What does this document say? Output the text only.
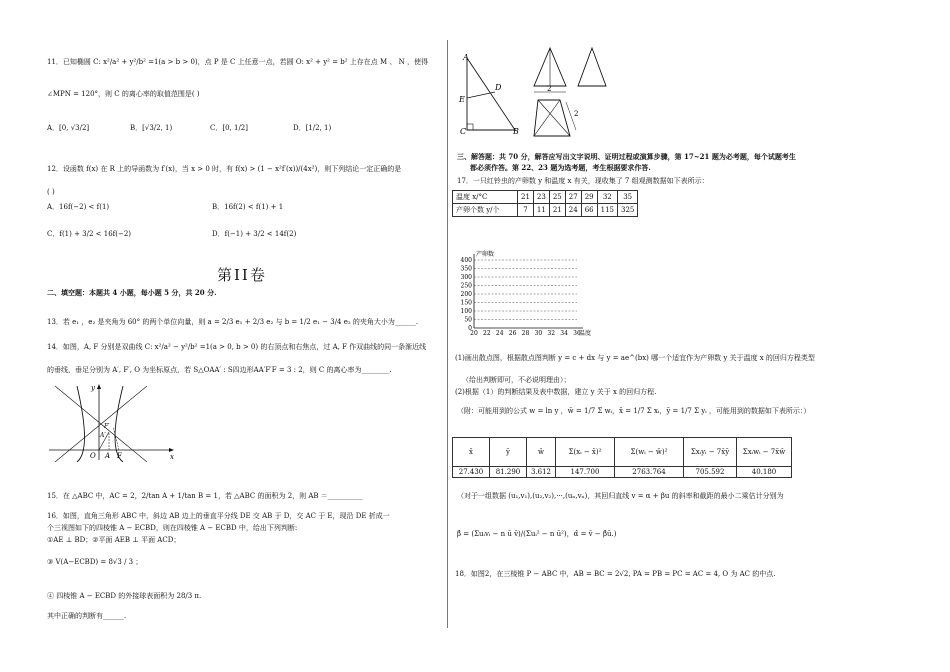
11．已知椭圆 C: x²/a² + y²/b² =1(a > b > 0)，点 P 是 C 上任意一点，若圆 O: x² + y² = b² 上存在点 M 、 N ，使得
∠MPN = 120°，则 C 的离心率的取值范围是( )
A．[0, √3/2]	B．[√3/2, 1)	C．[0, 1/2]	D．[1/2, 1)
12．设函数 f(x) 在 R 上的导函数为 f′(x)，当 x > 0 时，有 f(x) > (1 − x²f′(x))/(4x²)，则下列结论一定正确的是
( )
A．16f(−2) < f(1)	B．16f(2) < f(1) + 1
C．f(1) + 3/2 < 16f(−2)	D．f(−1) + 3/2 < 14f(2)
第II卷
二、填空题：本题共 4 小题，每小题 5 分，共 20 分.
13．若 e₁ ，e₂ 是夹角为 60° 的两个单位向量，则 a = 2/3 e₁ + 2/3 e₂ 与 b = 1/2 e₁ − 3/4 e₂ 的夹角大小为______.
14．如图，A, F 分别是双曲线 C: x²/a² − y²/b² =1(a > 0, b > 0) 的右顶点和右焦点，过 A, F 作双曲线的同一条渐近线
的垂线，垂足分别为 A′, F′, O 为坐标原点，若 S△OAA′ : S四边形AA′F′F = 3 : 2，则 C 的离心率为________.
y
x
O A F
A′
F′
15．在 △ABC 中，AC = 2，2/tan A + 1/tan B = 1，若 △ABC 的面积为 2，则 AB ＝__________
16．如图，直角三角形 ABC 中，斜边 AB 边上的垂直平分线 DE 交 AB 于 D，交 AC 于 E，现沿 DE 折成一
个三视图如下的四棱锥 A − ECBD，则在四棱锥 A − ECBD 中，给出下列判断:
①AE ⊥ BD；②平面 AEB ⊥ 平面 ACD；
③ V(A−ECBD) = 8√3 / 3 ；
④ 四棱锥 A − ECBD 的外接球表面积为 28/3 π.
其中正确的判断有______.
A
B
C
D
E
2
2
三、解答题：共 70 分，解答应写出文字说明、证明过程或演算步骤，第 17~21 题为必考题，每个试题考生
都必须作答。第 22、23 题为选考题，考生根据要求作答.
17．一只红铃虫的产卵数 y 和温度 x 有关，现收集了 7 组观测数据如下表所示：
温度 x/°C	21	23	25	27	29	32	35
产卵个数 y/个	7	11	21	24	66	115	325
0
50
100
150
200
250
300
350
400
20 22 24 26 28 30 32 34 36
产卵数
温度
(1)画出散点图，根据散点图判断 y = c + dx 与 y = ae^(bx) 哪一个适宜作为产卵数 y 关于温度 x 的回归方程类型
（给出判断即可，不必说明理由）；
(2)根据（1）的判断结果及表中数据，建立 y 关于 x 的回归方程.
（附：可能用到的公式 w = ln y ，w̄ = 1/7 Σ wᵢ，x̄ = 1/7 Σ xᵢ，ȳ = 1/7 Σ yᵢ ，可能用到的数据如下表所示：）
x̄	ȳ	w̄	Σ(xᵢ − x̄)²	Σ(wᵢ − w̄)²	Σxᵢyᵢ − 7x̄ȳ	Σxᵢwᵢ − 7x̄w̄
27.430	81.290	3.612	147.700	2763.764	705.592	40.180
（对于一组数据 (u₁,v₁),(u₂,v₂),···,(uₙ,vₙ)，其回归直线 v = α + βu 的斜率和截距的最小二乘估计分别为
β̂ = (Σuᵢvᵢ − n ū v̄)/(Σuᵢ² − n ū²)，α̂ = v̄ − β̂ū.)
18．如图2，在三棱锥 P − ABC 中，AB = BC = 2√2, PA = PB = PC = AC = 4, O 为 AC 的中点.
